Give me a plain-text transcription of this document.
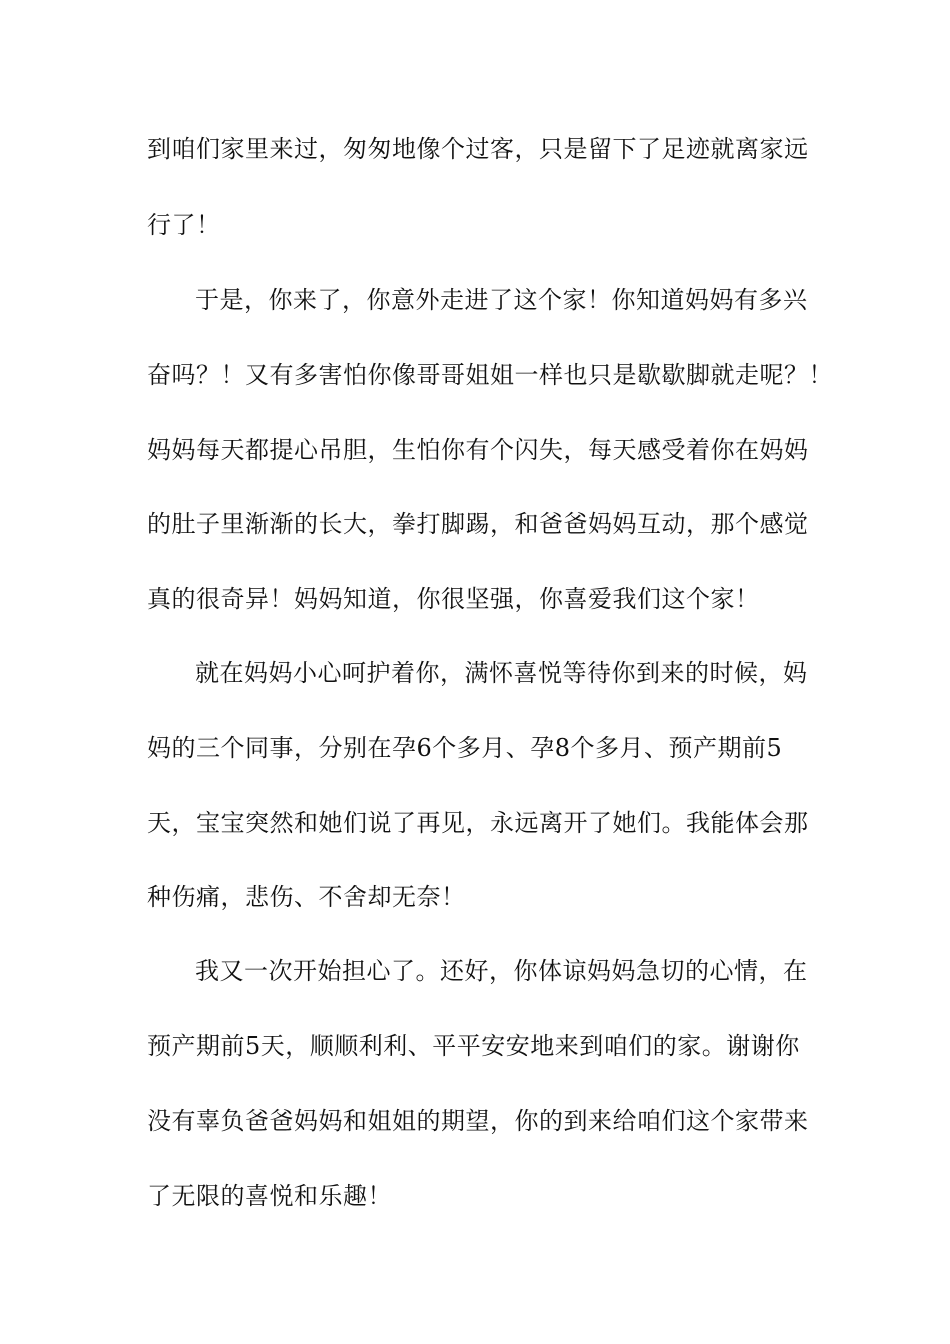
到咱们家里来过，匆匆地像个过客，只是留下了足迹就离家远
行了！
于是，你来了，你意外走进了这个家！你知道妈妈有多兴
奋吗？！又有多害怕你像哥哥姐姐一样也只是歇歇脚就走呢？！
妈妈每天都提心吊胆，生怕你有个闪失，每天感受着你在妈妈
的肚子里渐渐的长大，拳打脚踢，和爸爸妈妈互动，那个感觉
真的很奇异！妈妈知道，你很坚强，你喜爱我们这个家！
就在妈妈小心呵护着你，满怀喜悦等待你到来的时候，妈
妈的三个同事，分别在孕6个多月、孕8个多月、预产期前5
天，宝宝突然和她们说了再见，永远离开了她们。我能体会那
种伤痛，悲伤、不舍却无奈！
我又一次开始担心了。还好，你体谅妈妈急切的心情，在
预产期前5天，顺顺利利、平平安安地来到咱们的家。谢谢你
没有辜负爸爸妈妈和姐姐的期望，你的到来给咱们这个家带来
了无限的喜悦和乐趣！
